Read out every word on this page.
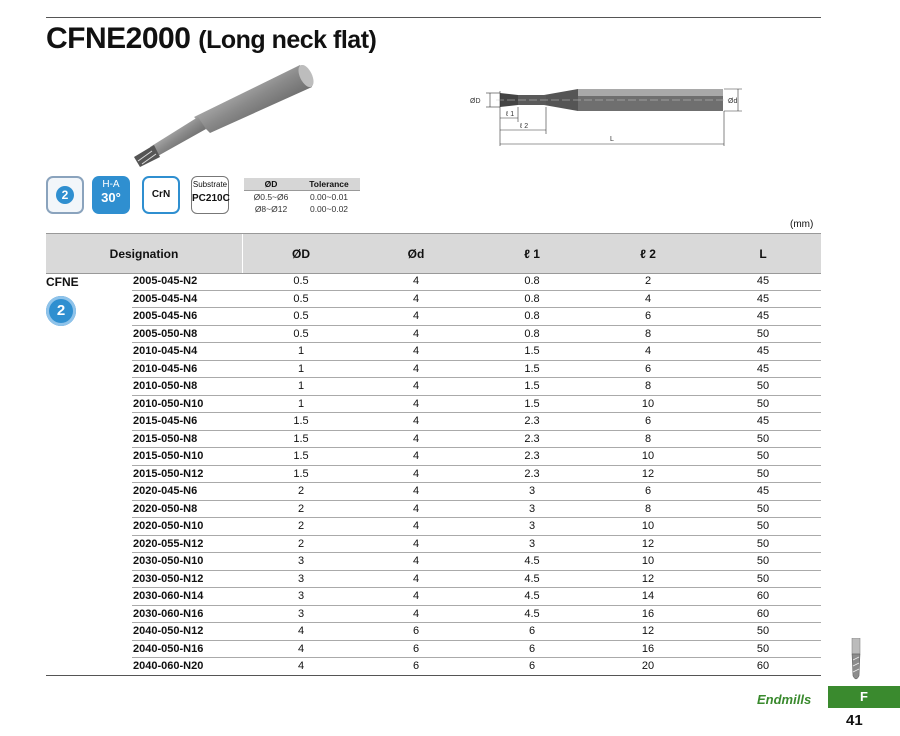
CFNE2000 (Long neck flat)
ØD	Ød
ℓ 1
ℓ 2
L
2
H-A
30°	CrN
Substrate
PC210C
ØD	Tolerance
Ø0.5~Ø6	0.00~0.01
Ø8~Ø12	0.00~0.02
(mm)
Designation	ØD	Ød	ℓ 1	ℓ 2	L
CFNE
2
2005-045-N2	0.5	4	0.8	2	45
2005-045-N4	0.5	4	0.8	4	45
2005-045-N6	0.5	4	0.8	6	45
2005-050-N8	0.5	4	0.8	8	50
2010-045-N4	1	4	1.5	4	45
2010-045-N6	1	4	1.5	6	45
2010-050-N8	1	4	1.5	8	50
2010-050-N10	1	4	1.5	10	50
2015-045-N6	1.5	4	2.3	6	45
2015-050-N8	1.5	4	2.3	8	50
2015-050-N10	1.5	4	2.3	10	50
2015-050-N12	1.5	4	2.3	12	50
2020-045-N6	2	4	3	6	45
2020-050-N8	2	4	3	8	50
2020-050-N10	2	4	3	10	50
2020-055-N12	2	4	3	12	50
2030-050-N10	3	4	4.5	10	50
2030-050-N12	3	4	4.5	12	50
2030-060-N14	3	4	4.5	14	60
2030-060-N16	3	4	4.5	16	60
2040-050-N12	4	6	6	12	50
2040-050-N16	4	6	6	16	50
2040-060-N20	4	6	6	20	60
Endmills	F
41
